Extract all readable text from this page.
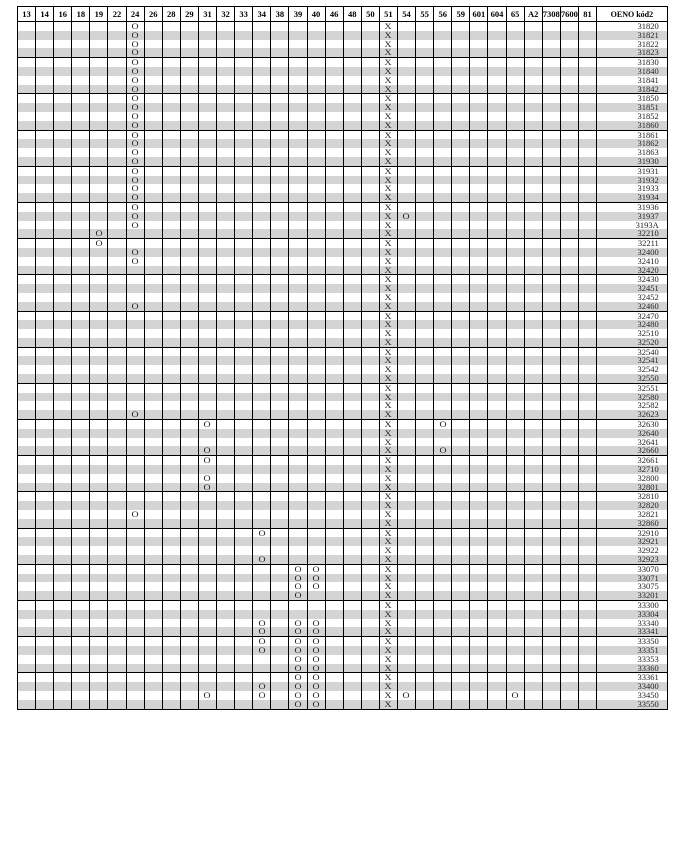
13	14	16	18	19	22	24	26	28	29	31	32	33	34	38	39	40	46	48	50	51	54	55	56	59	601	604	65	A2	7308	7600	81	OENO kód2
						O														X												31820
						O														X												31821
						O														X												31822
						O														X												31823
						O														X												31830
						O														X												31840
						O														X												31841
						O														X												31842
						O														X												31850
						O														X												31851
						O														X												31852
						O														X												31860
						O														X												31861
						O														X												31862
						O														X												31863
						O														X												31930
						O														X												31931
						O														X												31932
						O														X												31933
						O														X												31934
						O														X												31936
						O														X	O											31937
						O														X												3193A
				O																X												32210
				O																X												32211
						O														X												32400
						O														X												32410
																				X												32420
																				X												32430
																				X												32451
																				X												32452
						O														X												32460
																				X												32470
																				X												32480
																				X												32510
																				X												32520
																				X												32540
																				X												32541
																				X												32542
																				X												32550
																				X												32551
																				X												32580
																				X												32582
						O														X												32623
										O										X			O									32630
																				X												32640
																				X												32641
										O										X			O									32660
										O										X												32661
																				X												32710
										O										X												32800
										O										X												32801
																				X												32810
																				X												32820
						O														X												32821
																				X												32860
													O							X												32910
																				X												32921
																				X												32922
													O							X												32923
															O	O				X												33070
															O	O				X												33071
															O	O				X												33075
															O					X												33201
																				X												33300
																				X												33304
													O		O	O				X												33340
													O		O	O				X												33341
													O		O	O				X												33350
													O		O	O				X												33351
															O	O				X												33353
															O	O				X												33360
															O	O				X												33361
													O		O	O				X												33400
										O			O		O	O				X	O						O					33450
															O	O				X												33550
